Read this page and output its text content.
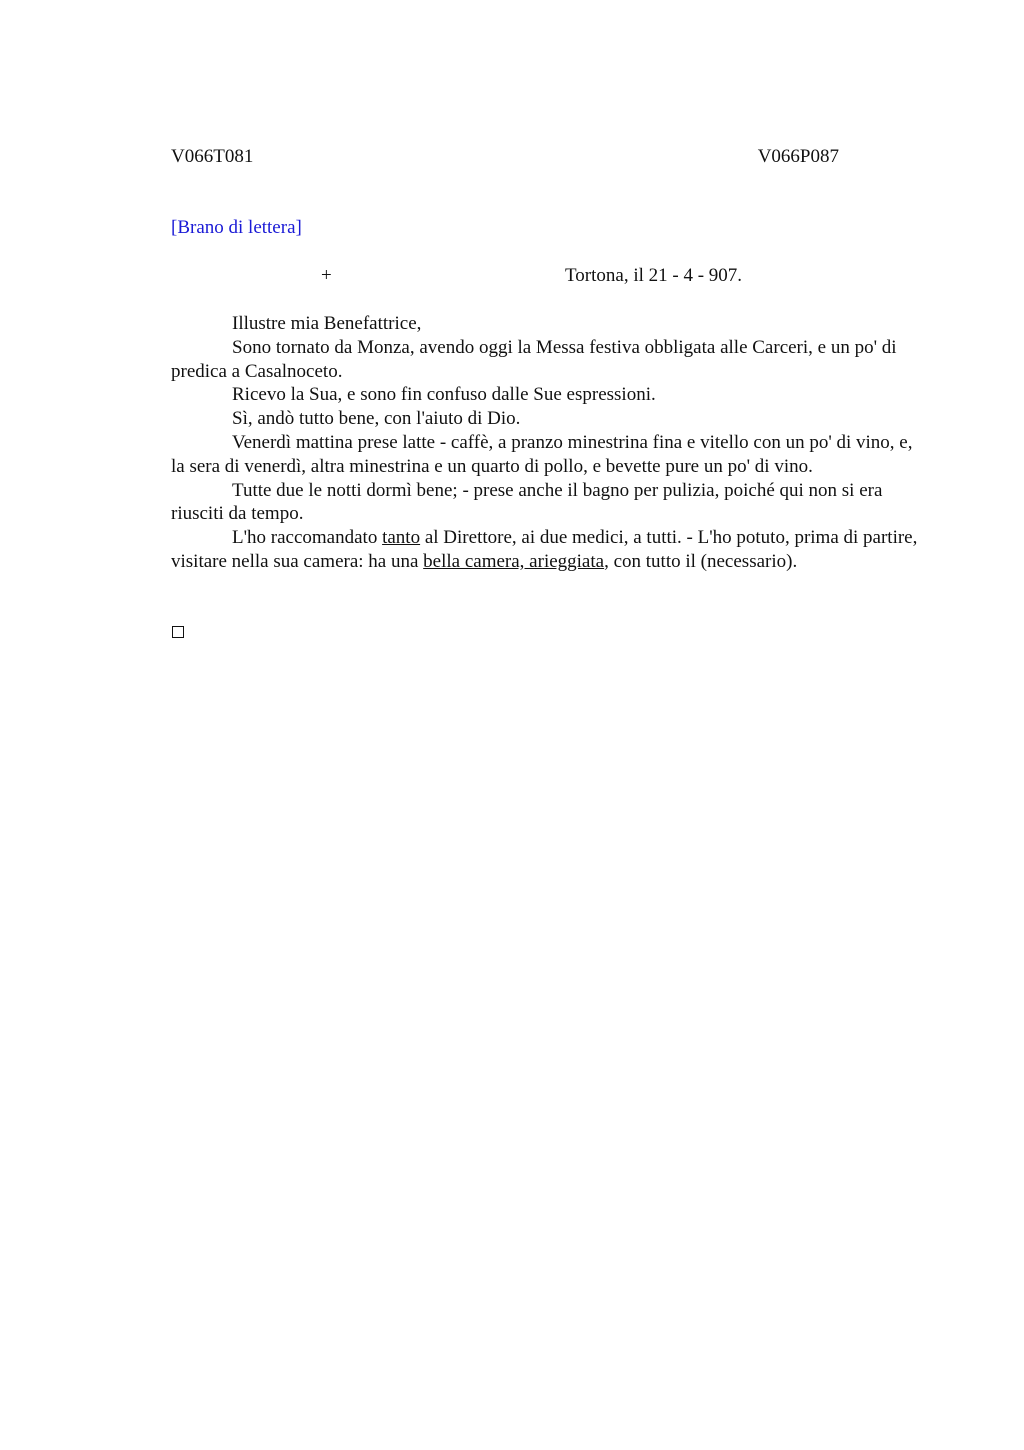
V066T081	V066P087
[Brano di lettera]
+	Tortona, il 21 - 4 - 907.

Illustre mia Benefattrice,

Sono tornato da Monza, avendo oggi la Messa festiva obbligata alle Carceri, e un po' di predica a Casalnoceto.

Ricevo la Sua, e sono fin confuso dalle Sue espressioni.

Sì, andò tutto bene, con l'aiuto di Dio.

Venerdì mattina prese latte - caffè, a pranzo minestrina fina e vitello con un po' di vino, e, la sera di venerdì, altra minestrina e un quarto di pollo, e bevette pure un po' di vino.

Tutte due le notti dormì bene; - prese anche il bagno per pulizia, poiché qui non si era riusciti da tempo.

L'ho raccomandato tanto al Direttore, ai due medici, a tutti. - L'ho potuto, prima di partire, visitare nella sua camera: ha una bella camera, arieggiata, con tutto il (necessario).
